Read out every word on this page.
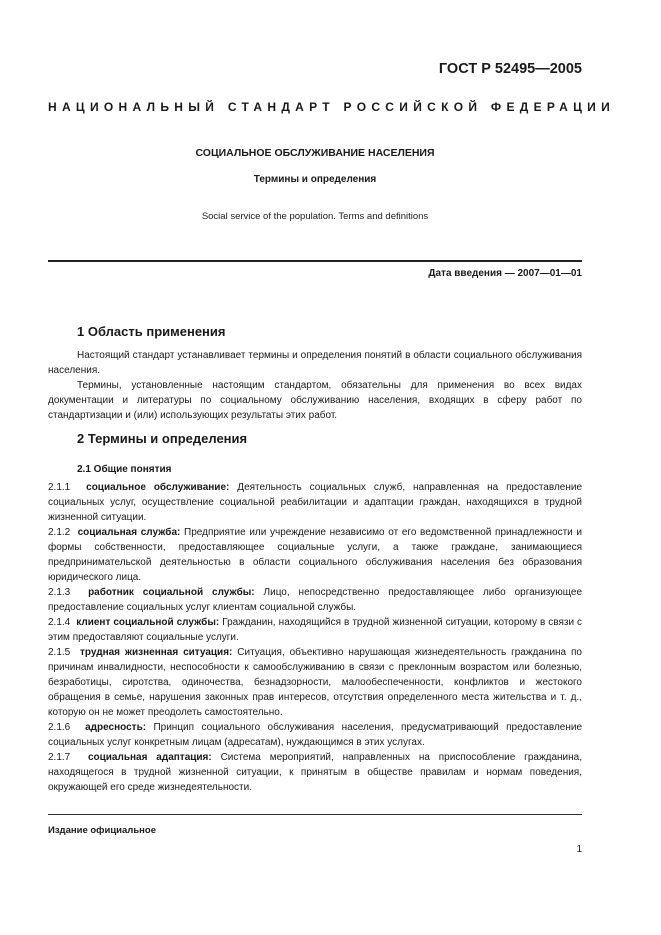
ГОСТ Р 52495—2005
НАЦИОНАЛЬНЫЙ СТАНДАРТ РОССИЙСКОЙ ФЕДЕРАЦИИ
СОЦИАЛЬНОЕ ОБСЛУЖИВАНИЕ НАСЕЛЕНИЯ
Термины и определения
Social service of the population. Terms and definitions
Дата введения — 2007—01—01
1 Область применения

Настоящий стандарт устанавливает термины и определения понятий в области социального обслуживания населения.

Термины, установленные настоящим стандартом, обязательны для применения во всех видах документации и литературы по социальному обслуживанию населения, входящих в сферу работ по стандартизации и (или) использующих результаты этих работ.

2 Термины и определения
2.1 Общие понятия

2.1.1 социальное обслуживание: Деятельность социальных служб, направленная на предоставление социальных услуг, осуществление социальной реабилитации и адаптации граждан, находящихся в трудной жизненной ситуации.

2.1.2 социальная служба: Предприятие или учреждение независимо от его ведомственной принадлежности и формы собственности, предоставляющее социальные услуги, а также граждане, занимающиеся предпринимательской деятельностью в области социального обслуживания населения без образования юридического лица.

2.1.3 работник социальной службы: Лицо, непосредственно предоставляющее либо организующее предоставление социальных услуг клиентам социальной службы.

2.1.4 клиент социальной службы: Гражданин, находящийся в трудной жизненной ситуации, которому в связи с этим предоставляют социальные услуги.

2.1.5 трудная жизненная ситуация: Ситуация, объективно нарушающая жизнедеятельность гражданина по причинам инвалидности, неспособности к самообслуживанию в связи с преклонным возрастом или болезнью, безработицы, сиротства, одиночества, безнадзорности, малообеспеченности, конфликтов и жестокого обращения в семье, нарушения законных прав интересов, отсутствия определенного места жительства и т. д., которую он не может преодолеть самостоятельно.

2.1.6 адресность: Принцип социального обслуживания населения, предусматривающий предоставление социальных услуг конкретным лицам (адресатам), нуждающимся в этих услугах.

2.1.7 социальная адаптация: Система мероприятий, направленных на приспособление гражданина, находящегося в трудной жизненной ситуации, к принятым в обществе правилам и нормам поведения, окружающей его среде жизнедеятельности.

Издание официальное
1
